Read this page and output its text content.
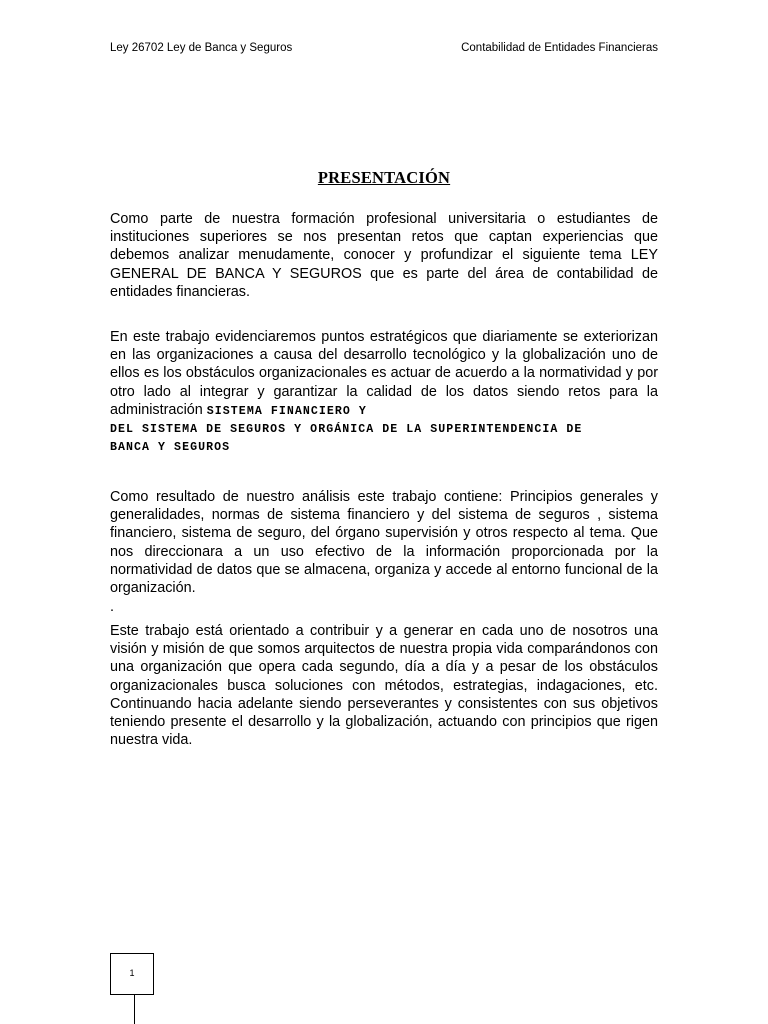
Ley 26702 Ley de Banca y Seguros	Contabilidad de Entidades Financieras
PRESENTACIÓN
Como parte de nuestra formación profesional universitaria o estudiantes de instituciones superiores se nos presentan retos que captan experiencias que debemos analizar menudamente, conocer y profundizar el siguiente tema LEY GENERAL DE BANCA Y SEGUROS que es parte del área de contabilidad de entidades financieras.
En este trabajo evidenciaremos puntos estratégicos que diariamente se exteriorizan en las organizaciones a causa del desarrollo tecnológico y la globalización uno de ellos es los obstáculos organizacionales es actuar de acuerdo a la normatividad y por otro lado al integrar y garantizar la calidad de los datos siendo retos para la administración SISTEMA FINANCIERO Y
DEL SISTEMA DE SEGUROS Y ORGÁNICA DE LA SUPERINTENDENCIA DE
BANCA Y SEGUROS
Como resultado de nuestro análisis este trabajo contiene: Principios generales y generalidades, normas de sistema financiero y del sistema de seguros , sistema financiero, sistema de seguro, del órgano supervisión y otros respecto al tema. Que nos direccionara a un uso efectivo de la información proporcionada por la normatividad de datos que se almacena, organiza y accede al entorno funcional de la organización.
.
Este trabajo está orientado a contribuir y a generar en cada uno de nosotros una visión y misión de que somos arquitectos de nuestra propia vida comparándonos con una organización que opera cada segundo, día a día y a pesar de los obstáculos organizacionales busca soluciones con métodos, estrategias, indagaciones, etc. Continuando hacia adelante siendo perseverantes y consistentes con sus objetivos teniendo presente el desarrollo y la globalización, actuando con principios que rigen nuestra vida.
1
